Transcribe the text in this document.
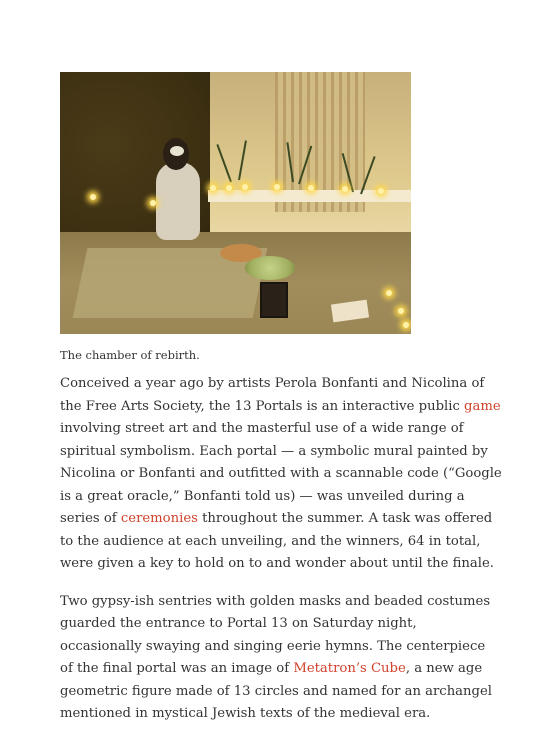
The chamber of rebirth.

Conceived a year ago by artists Perola Bonfanti and Nicolina of the Free Arts Society, the 13 Portals is an interactive public game involving street art and the masterful use of a wide range of spiritual symbolism. Each portal — a symbolic mural painted by Nicolina or Bonfanti and outfitted with a scannable code (“Google is a great oracle,” Bonfanti told us) — was unveiled during a series of ceremonies throughout the summer. A task was offered to the audience at each unveiling, and the winners, 64 in total, were given a key to hold on to and wonder about until the finale.

Two gypsy-ish sentries with golden masks and beaded costumes guarded the entrance to Portal 13 on Saturday night, occasionally swaying and singing eerie hymns. The centerpiece of the final portal was an image of Metatron’s Cube, a new age geometric figure made of 13 circles and named for an archangel mentioned in mystical Jewish texts of the medieval era.
